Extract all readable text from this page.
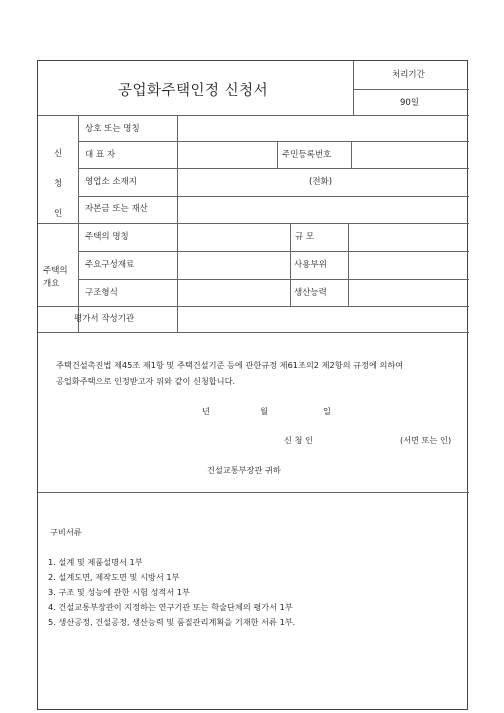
공업화주택인정 신청서
처리기간
90일
신
청
인
상호 또는 명칭
대 표 자	주민등록번호
영업소 소재지	(전화)
자본금 또는 재산
주택의
개요
주택의 명칭	규 모
주요구성재료	사용부위
구조형식	생산능력
평가서 작성기관
주택건설촉진법 제45조 제1항 및 주택건설기준 등에 관한규정 제61조의2 제2항의 규정에 의하여
공업화주택으로 인정받고자 위와 같이 신청합니다.
년	월	일
신 청 인	(서면 또는 인)
건설교통부장관 귀하
구비서류
1. 설계 및 제품설명서 1부
2. 설계도면, 제작도면 및 시방서 1부
3. 구조 및 성능에 관한 시험 성적서 1부
4. 건설교통부장관이 지정하는 연구기관 또는 학술단체의 평가서 1부
5. 생산공정, 건설공정, 생산능력 및 품질관리계획을 기재한 서류 1부.
